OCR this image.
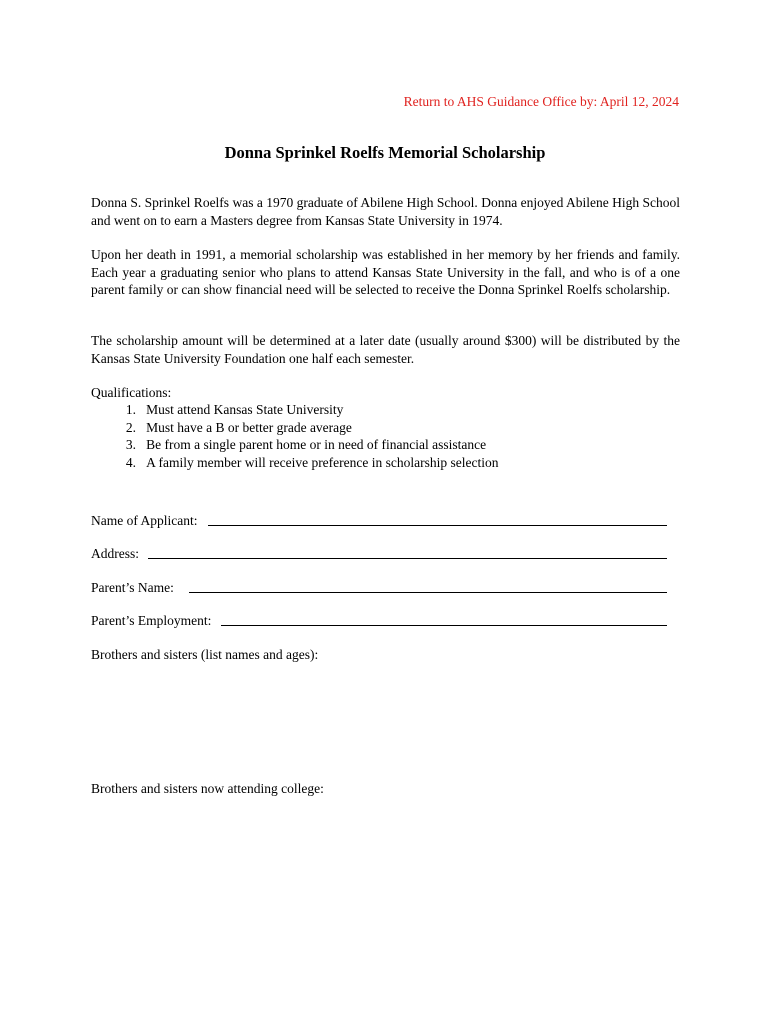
Return to AHS Guidance Office by: April 12, 2024
Donna Sprinkel Roelfs Memorial Scholarship

Donna S. Sprinkel Roelfs was a 1970 graduate of Abilene High School. Donna enjoyed Abilene High School and went on to earn a Masters degree from Kansas State University in 1974.

Upon her death in 1991, a memorial scholarship was established in her memory by her friends and family. Each year a graduating senior who plans to attend Kansas State University in the fall, and who is of a one parent family or can show financial need will be selected to receive the Donna Sprinkel Roelfs scholarship.

The scholarship amount will be determined at a later date (usually around $300) will be distributed by the Kansas State University Foundation one half each semester.

Qualifications:
1.
Must attend Kansas State University
2.
Must have a B or better grade average
3.
Be from a single parent home or in need of financial assistance
4.
A family member will receive preference in scholarship selection
Name of Applicant:
Address:
Parent’s Name:
Parent’s Employment:
Brothers and sisters (list names and ages):
Brothers and sisters now attending college:
